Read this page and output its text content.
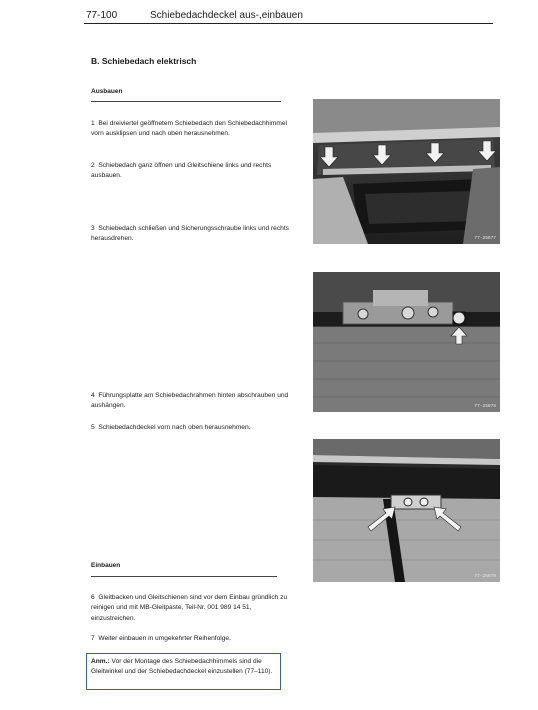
77-100	Schiebedachdeckel aus-,einbauen
B. Schiebedach elektrisch
Ausbauen
1 Bei dreiviertel geöffnetem Schiebedach den Schiebedachhimmel vorn ausklipsen und nach oben herausnehmen.
2 Schiebedach ganz öffnen und Gleitschiene links und rechts ausbauen.
3 Schiebedach schließen und Sicherungsschraube links und rechts herausdrehen.
4 Führungsplatte am Schiebedachrahmen hinten abschrauben und aushängen.
5 Schiebedachdeckel vorn nach oben herausnehmen.
Einbauen
6 Gleitbacken und Gleitschienen sind vor dem Einbau gründlich zu reinigen und mit MB-Gleitpaste, Teil-Nr. 001 989 14 51, einzustreichen.
7 Weiter einbauen in umgekehrter Reihenfolge.
Anm.: Vor der Montage des Schiebedachhimmels sind die Gleitwinkel und der Schiebedachdeckel einzustellen (77–110).
77-25077
77-25078
77-25079
